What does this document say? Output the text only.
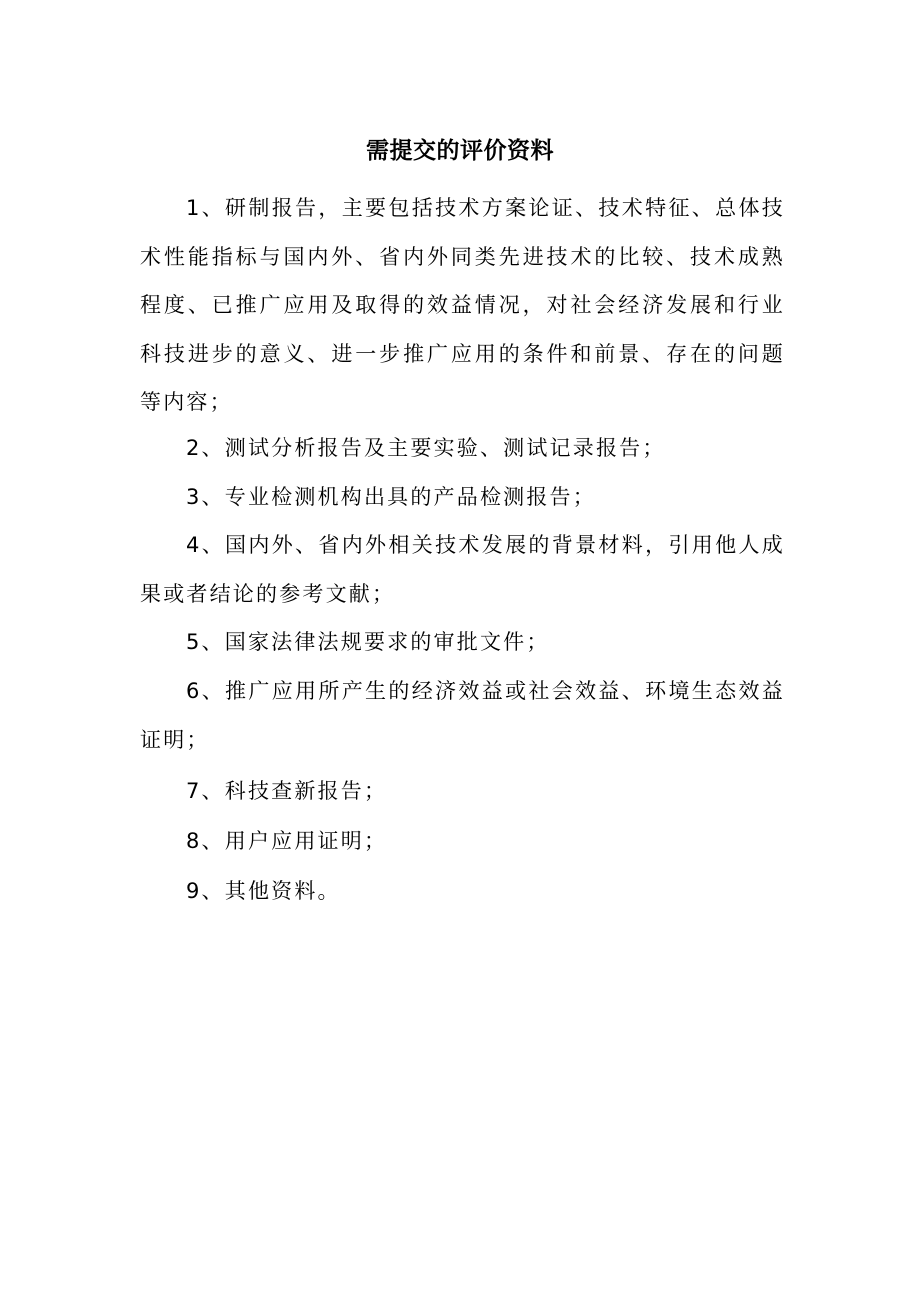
需提交的评价资料

1、研制报告，主要包括技术方案论证、技术特征、总体技术性能指标与国内外、省内外同类先进技术的比较、技术成熟程度、已推广应用及取得的效益情况，对社会经济发展和行业科技进步的意义、进一步推广应用的条件和前景、存在的问题等内容；

2、测试分析报告及主要实验、测试记录报告；

3、专业检测机构出具的产品检测报告；

4、国内外、省内外相关技术发展的背景材料，引用他人成果或者结论的参考文献；

5、国家法律法规要求的审批文件；

6、推广应用所产生的经济效益或社会效益、环境生态效益证明；

7、科技查新报告；

8、用户应用证明；

9、其他资料。
